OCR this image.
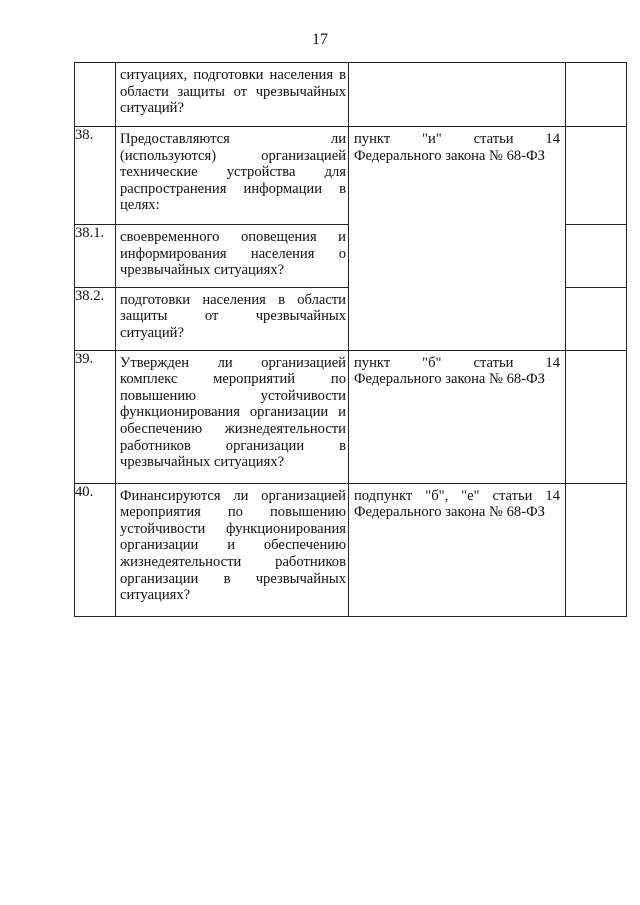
17

	ситуациях, подготовки населения в области защиты от чрезвычайных ситуаций?		

38.	Предоставляются ли (используются) организацией технические устройства для распространения информации в целях:	пункт "и" статьи 14 Федерального закона № 68-ФЗ	

38.1.	своевременного оповещения и информирования населения о чрезвычайных ситуациях?		

38.2.	подготовки населения в области защиты от чрезвычайных ситуаций?		

39.	Утвержден ли организацией комплекс мероприятий по повышению устойчивости функционирования организации и обеспечению жизнедеятельности работников организации в чрезвычайных ситуациях?	пункт "б" статьи 14 Федерального закона № 68-ФЗ	

40.	Финансируются ли организацией мероприятия по повышению устойчивости функционирования организации и обеспечению жизнедеятельности работников организации в чрезвычайных ситуациях?	подпункт "б", "е" статьи 14 Федерального закона № 68-ФЗ	
